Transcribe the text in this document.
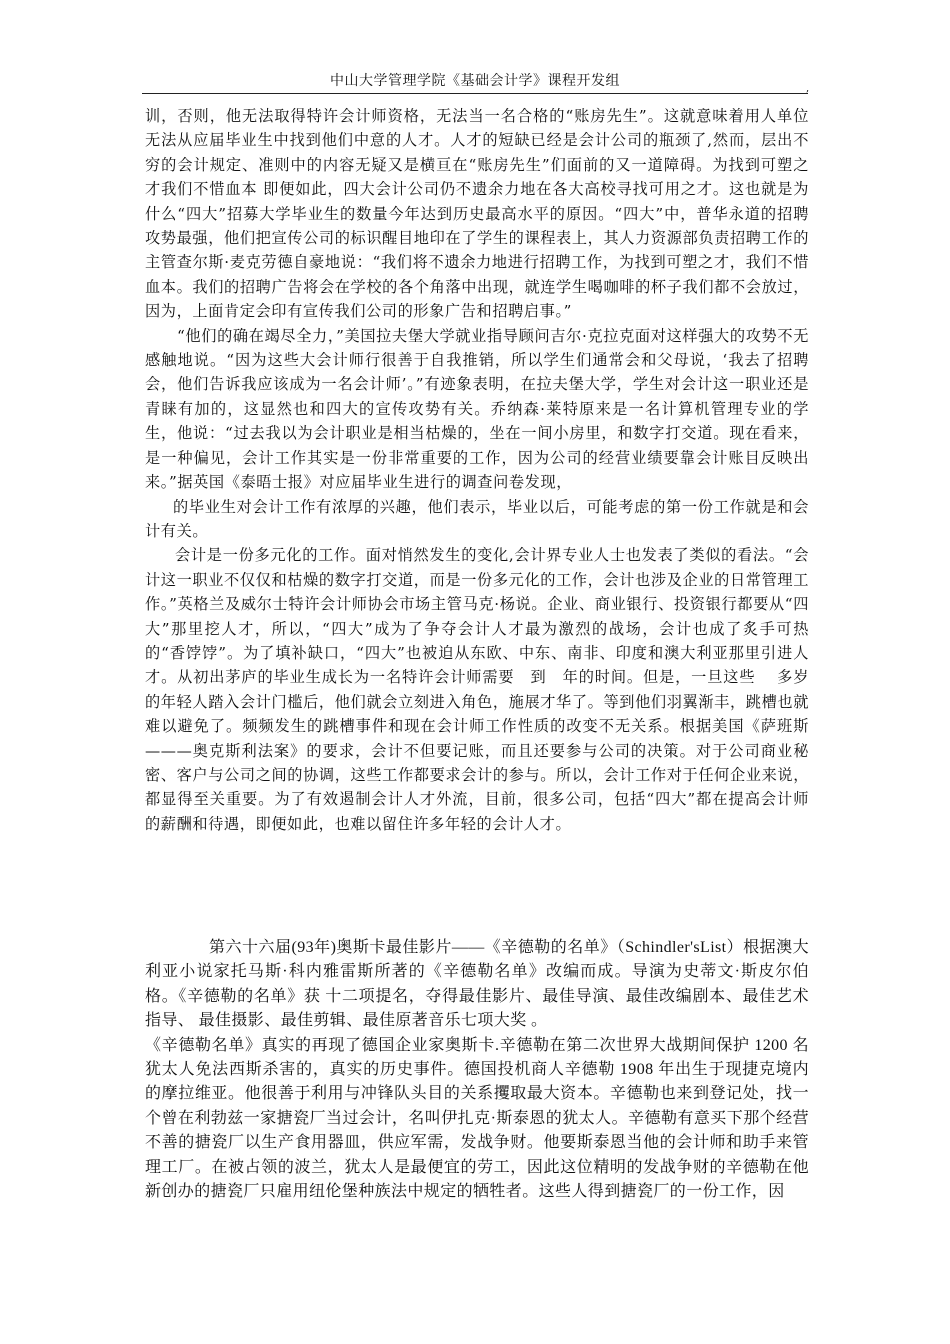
中山大学管理学院《基础会计学》课程开发组	,

训，否则，他无法取得特许会计师资格，无法当一名合格的“账房先生”。这就意味着用人单位无法从应届毕业生中找到他们中意的人才。人才的短缺已经是会计公司的瓶颈了,然而，层出不穷的会计规定、准则中的内容无疑又是横亘在“账房先生”们面前的又一道障碍。为找到可塑之才我们不惜血本 即便如此，四大会计公司仍不遗余力地在各大高校寻找可用之才。这也就是为什么“四大”招募大学毕业生的数量今年达到历史最高水平的原因。“四大”中，普华永道的招聘攻势最强，他们把宣传公司的标识醒目地印在了学生的课程表上，其人力资源部负责招聘工作的主管查尔斯·麦克劳德自豪地说：“我们将不遗余力地进行招聘工作，为找到可塑之才，我们不惜血本。我们的招聘广告将会在学校的各个角落中出现，就连学生喝咖啡的杯子我们都不会放过，因为，上面肯定会印有宣传我们公司的形象广告和招聘启事。”

“他们的确在竭尽全力，”美国拉夫堡大学就业指导顾问吉尔·克拉克面对这样强大的攻势不无感触地说。“因为这些大会计师行很善于自我推销，所以学生们通常会和父母说，‘我去了招聘会，他们告诉我应该成为一名会计师’。”有迹象表明，在拉夫堡大学，学生对会计这一职业还是青睐有加的，这显然也和四大的宣传攻势有关。乔纳森·莱特原来是一名计算机管理专业的学生，他说：“过去我以为会计职业是相当枯燥的，坐在一间小房里，和数字打交道。现在看来，是一种偏见，会计工作其实是一份非常重要的工作，因为公司的经营业绩要靠会计账目反映出来。”据英国《泰晤士报》对应届毕业生进行的调查问卷发现，

的毕业生对会计工作有浓厚的兴趣，他们表示，毕业以后，可能考虑的第一份工作就是和会计有关。

会计是一份多元化的工作。面对悄然发生的变化,会计界专业人士也发表了类似的看法。“会计这一职业不仅仅和枯燥的数字打交道，而是一份多元化的工作，会计也涉及企业的日常管理工作。”英格兰及威尔士特许会计师协会市场主管马克·杨说。企业、商业银行、投资银行都要从“四大”那里挖人才，所以，“四大”成为了争夺会计人才最为激烈的战场，会计也成了炙手可热的“香饽饽”。为了填补缺口，“四大”也被迫从东欧、中东、南非、印度和澳大利亚那里引进人才。从初出茅庐的毕业生成长为一名特许会计师需要　到　年的时间。但是，一旦这些　 多岁的年轻人踏入会计门槛后，他们就会立刻进入角色，施展才华了。等到他们羽翼渐丰，跳槽也就难以避免了。频频发生的跳槽事件和现在会计师工作性质的改变不无关系。根据美国《萨班斯———奥克斯利法案》的要求，会计不但要记账，而且还要参与公司的决策。对于公司商业秘密、客户与公司之间的协调，这些工作都要求会计的参与。所以，会计工作对于任何企业来说，都显得至关重要。为了有效遏制会计人才外流，目前，很多公司，包括“四大”都在提高会计师的薪酬和待遇，即便如此，也难以留住许多年轻的会计人才。

第六十六届(93年)奥斯卡最佳影片——《辛德勒的名单》（Schindler'sList）根据澳大利亚小说家托马斯·科内雅雷斯所著的《辛德勒名单》改编而成。导演为史蒂文·斯皮尔伯格。《辛德勒的名单》获 十二项提名，夺得最佳影片、最佳导演、最佳改编剧本、最佳艺术指导、 最佳摄影、最佳剪辑、最佳原著音乐七项大奖 。

《辛德勒名单》真实的再现了德国企业家奥斯卡.辛德勒在第二次世界大战期间保护 1200 名犹太人免法西斯杀害的，真实的历史事件。德国投机商人辛德勒 1908 年出生于现捷克境内的摩拉维亚。他很善于利用与冲锋队头目的关系攫取最大资本。辛德勒也来到登记处，找一个曾在利勃兹一家搪瓷厂当过会计，名叫伊扎克·斯泰恩的犹太人。辛德勒有意买下那个经营不善的搪瓷厂以生产食用器皿，供应军需，发战争财。他要斯泰恩当他的会计师和助手来管理工厂。在被占领的波兰，犹太人是最便宜的劳工，因此这位精明的发战争财的辛德勒在他新创办的搪瓷厂只雇用纽伦堡种族法中规定的牺牲者。这些人得到搪瓷厂的一份工作，因
